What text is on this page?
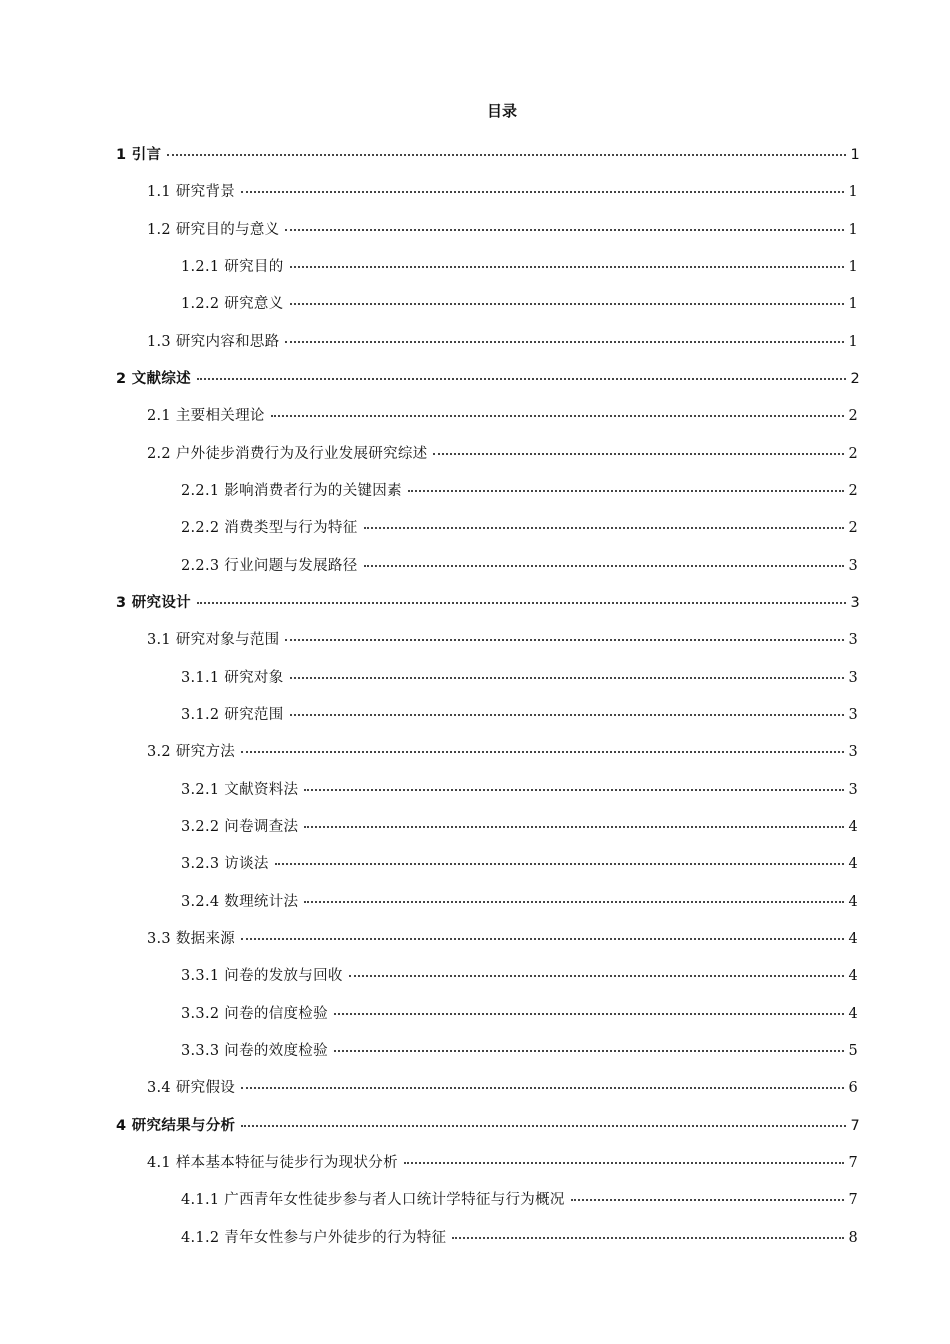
目录
1 引言	1
1.1 研究背景	1
1.2 研究目的与意义	1
1.2.1 研究目的	1
1.2.2 研究意义	1
1.3 研究内容和思路	1
2 文献综述	2
2.1 主要相关理论	2
2.2 户外徒步消费行为及行业发展研究综述	2
2.2.1 影响消费者行为的关键因素	2
2.2.2 消费类型与行为特征	2
2.2.3 行业问题与发展路径	3
3 研究设计	3
3.1 研究对象与范围	3
3.1.1 研究对象	3
3.1.2 研究范围	3
3.2 研究方法	3
3.2.1 文献资料法	3
3.2.2 问卷调查法	4
3.2.3 访谈法	4
3.2.4 数理统计法	4
3.3 数据来源	4
3.3.1 问卷的发放与回收	4
3.3.2 问卷的信度检验	4
3.3.3 问卷的效度检验	5
3.4 研究假设	6
4 研究结果与分析	7
4.1 样本基本特征与徒步行为现状分析	7
4.1.1 广西青年女性徒步参与者人口统计学特征与行为概况	7
4.1.2 青年女性参与户外徒步的行为特征	8
